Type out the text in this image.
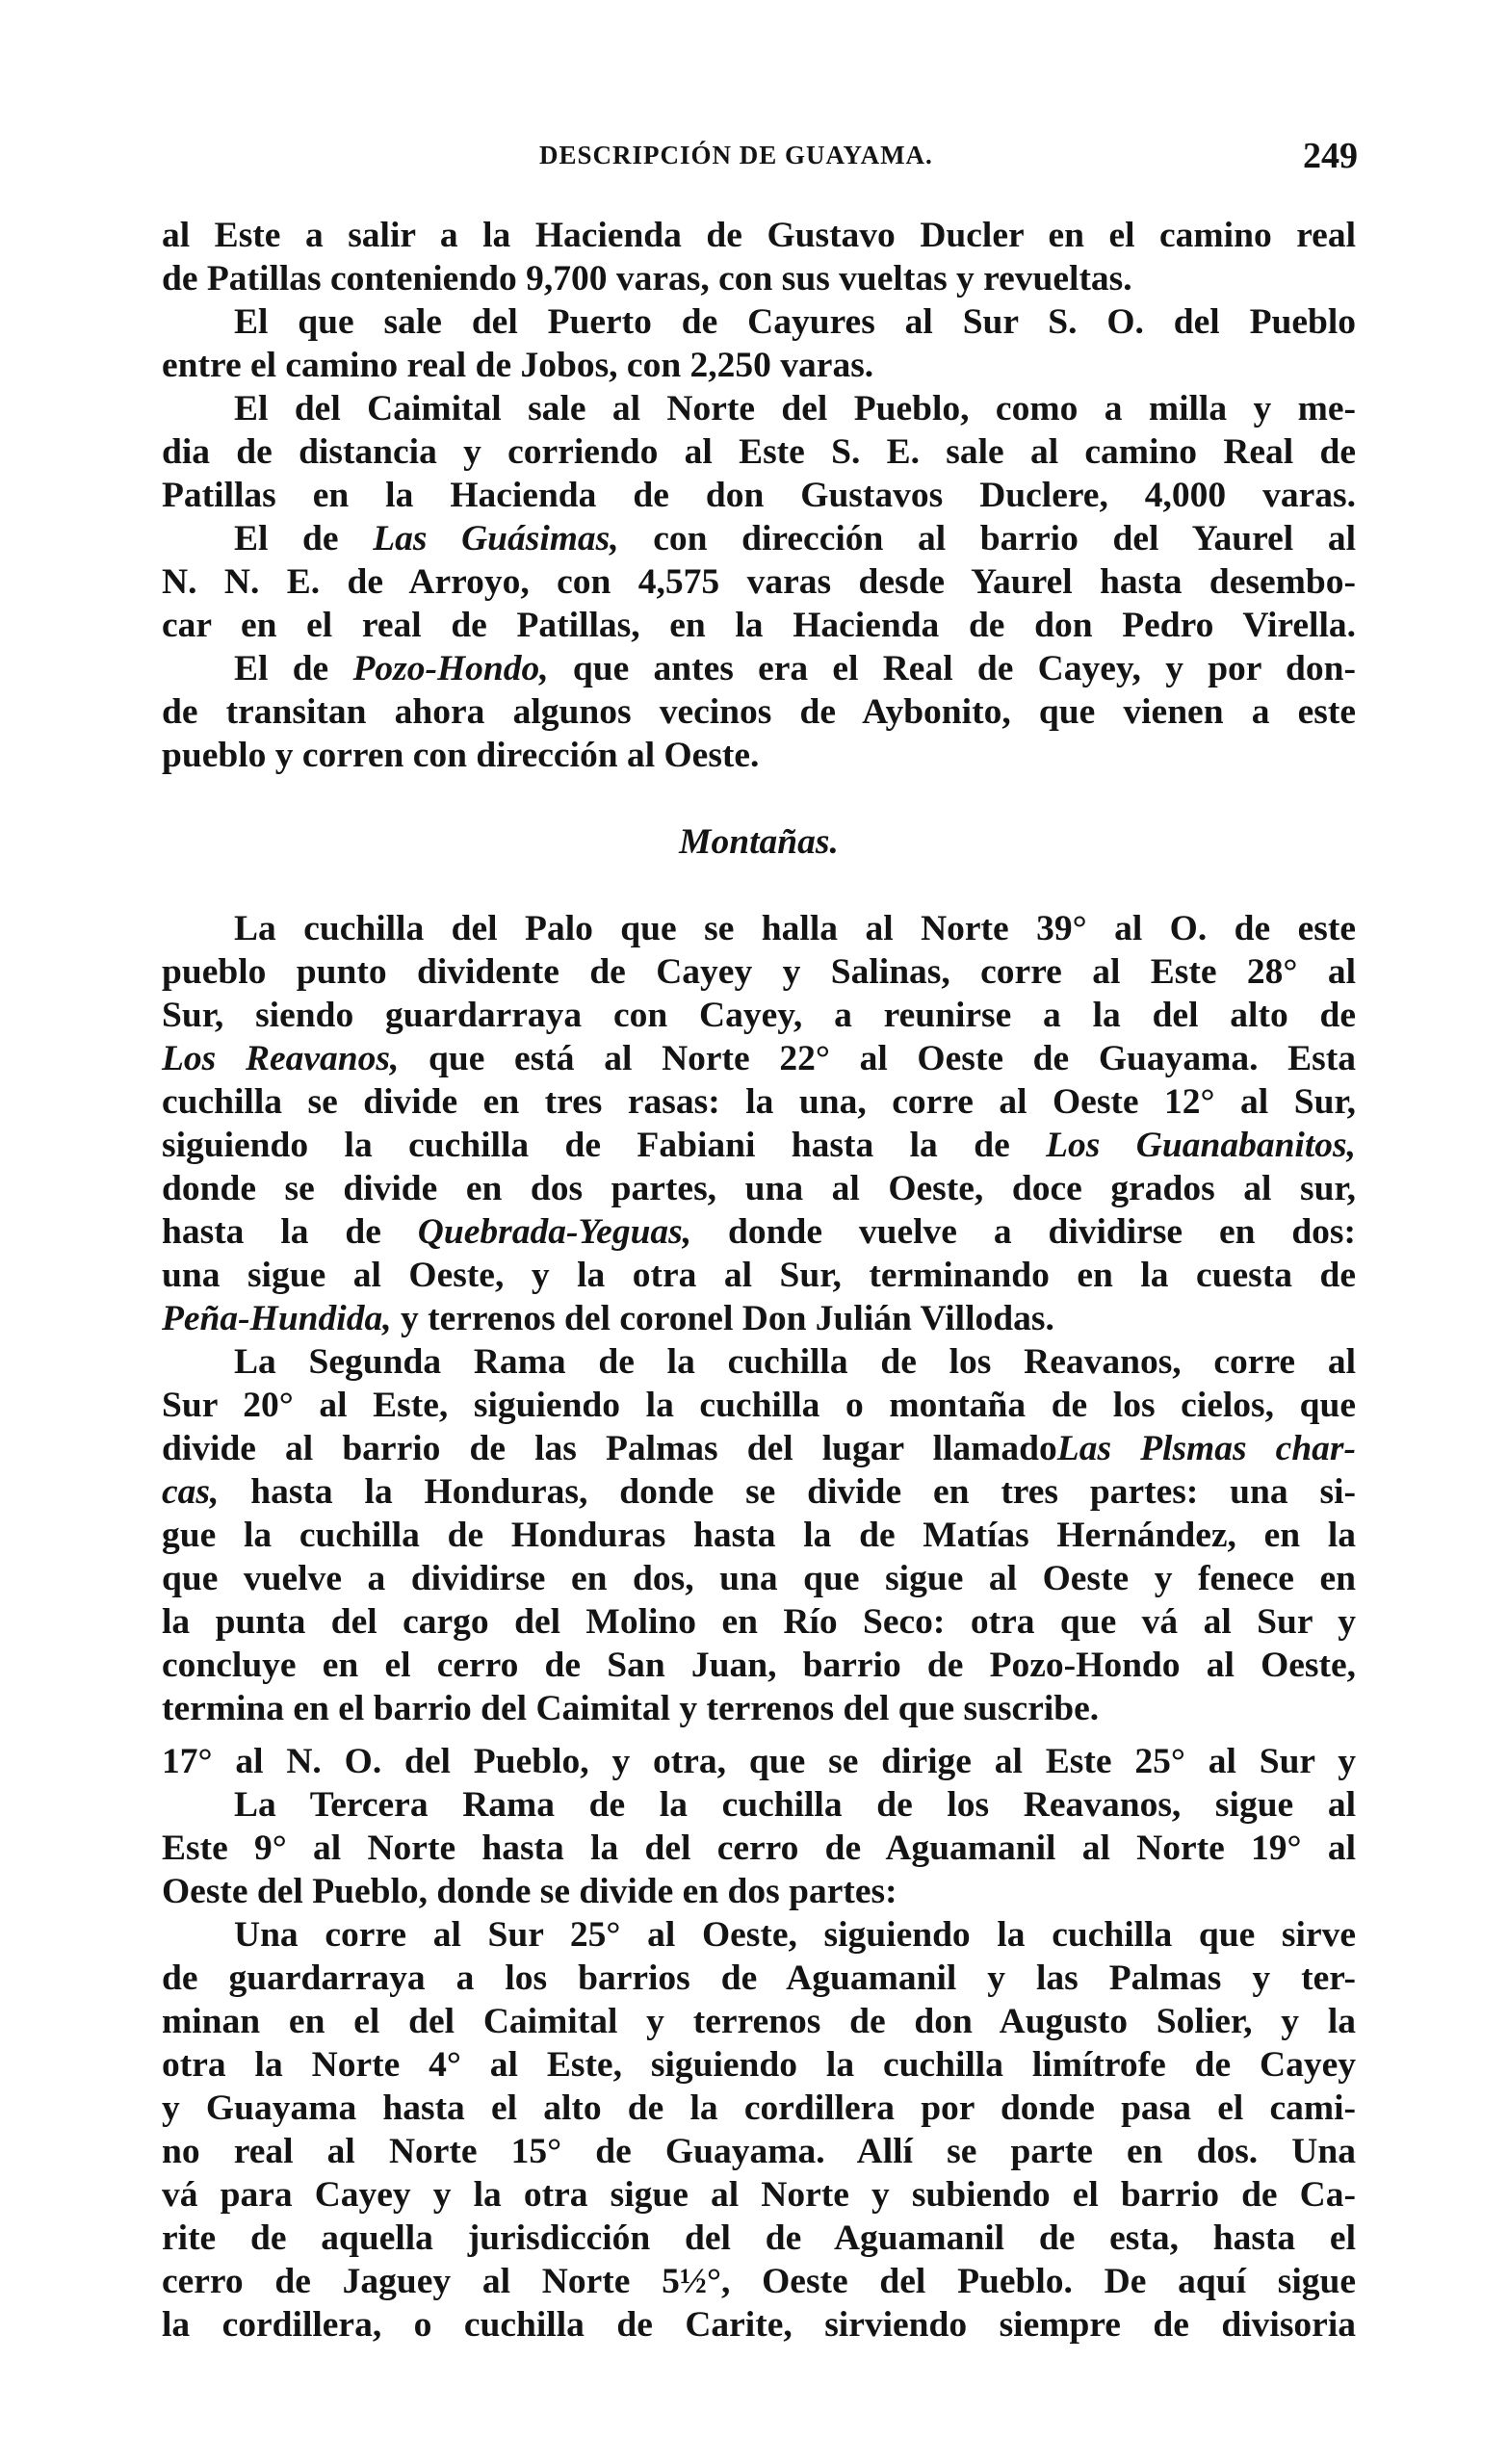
DESCRIPCIÓN DE GUAYAMA.	249
al Este a salir a la Hacienda de Gustavo Ducler en el camino real
de Patillas conteniendo 9,700 varas, con sus vueltas y revueltas.
El que sale del Puerto de Cayures al Sur S. O. del Pueblo
entre el camino real de Jobos, con 2,250 varas.
El del Caimital sale al Norte del Pueblo, como a milla y me-
dia de distancia y corriendo al Este S. E. sale al camino Real de
Patillas en la Hacienda de don Gustavos Duclere, 4,000 varas.
El de Las Guásimas, con dirección al barrio del Yaurel al
N. N. E. de Arroyo, con 4,575 varas desde Yaurel hasta desembo-
car en el real de Patillas, en la Hacienda de don Pedro Virella.
El de Pozo-Hondo, que antes era el Real de Cayey, y por don-
de transitan ahora algunos vecinos de Aybonito, que vienen a este
pueblo y corren con dirección al Oeste.
Montañas.
La cuchilla del Palo que se halla al Norte 39° al O. de este
pueblo punto dividente de Cayey y Salinas, corre al Este 28° al
Sur, siendo guardarraya con Cayey, a reunirse a la del alto de
Los Reavanos, que está al Norte 22° al Oeste de Guayama. Esta
cuchilla se divide en tres rasas: la una, corre al Oeste 12° al Sur,
siguiendo la cuchilla de Fabiani hasta la de Los Guanabanitos,
donde se divide en dos partes, una al Oeste, doce grados al sur,
hasta la de Quebrada-Yeguas, donde vuelve a dividirse en dos:
una sigue al Oeste, y la otra al Sur, terminando en la cuesta de
Peña-Hundida, y terrenos del coronel Don Julián Villodas.
La Segunda Rama de la cuchilla de los Reavanos, corre al
Sur 20° al Este, siguiendo la cuchilla o montaña de los cielos, que
divide al barrio de las Palmas del lugar llamadoLas Plsmas char-
cas, hasta la Honduras, donde se divide en tres partes: una si-
gue la cuchilla de Honduras hasta la de Matías Hernández, en la
que vuelve a dividirse en dos, una que sigue al Oeste y fenece en
la punta del cargo del Molino en Río Seco: otra que vá al Sur y
concluye en el cerro de San Juan, barrio de Pozo-Hondo al Oeste,
termina en el barrio del Caimital y terrenos del que suscribe.
17° al N. O. del Pueblo, y otra, que se dirige al Este 25° al Sur y
La Tercera Rama de la cuchilla de los Reavanos, sigue al
Este 9° al Norte hasta la del cerro de Aguamanil al Norte 19° al
Oeste del Pueblo, donde se divide en dos partes:
Una corre al Sur 25° al Oeste, siguiendo la cuchilla que sirve
de guardarraya a los barrios de Aguamanil y las Palmas y ter-
minan en el del Caimital y terrenos de don Augusto Solier, y la
otra la Norte 4° al Este, siguiendo la cuchilla limítrofe de Cayey
y Guayama hasta el alto de la cordillera por donde pasa el cami-
no real al Norte 15° de Guayama. Allí se parte en dos. Una
vá para Cayey y la otra sigue al Norte y subiendo el barrio de Ca-
rite de aquella jurisdicción del de Aguamanil de esta, hasta el
cerro de Jaguey al Norte 5½°, Oeste del Pueblo. De aquí sigue
la cordillera, o cuchilla de Carite, sirviendo siempre de divisoria
